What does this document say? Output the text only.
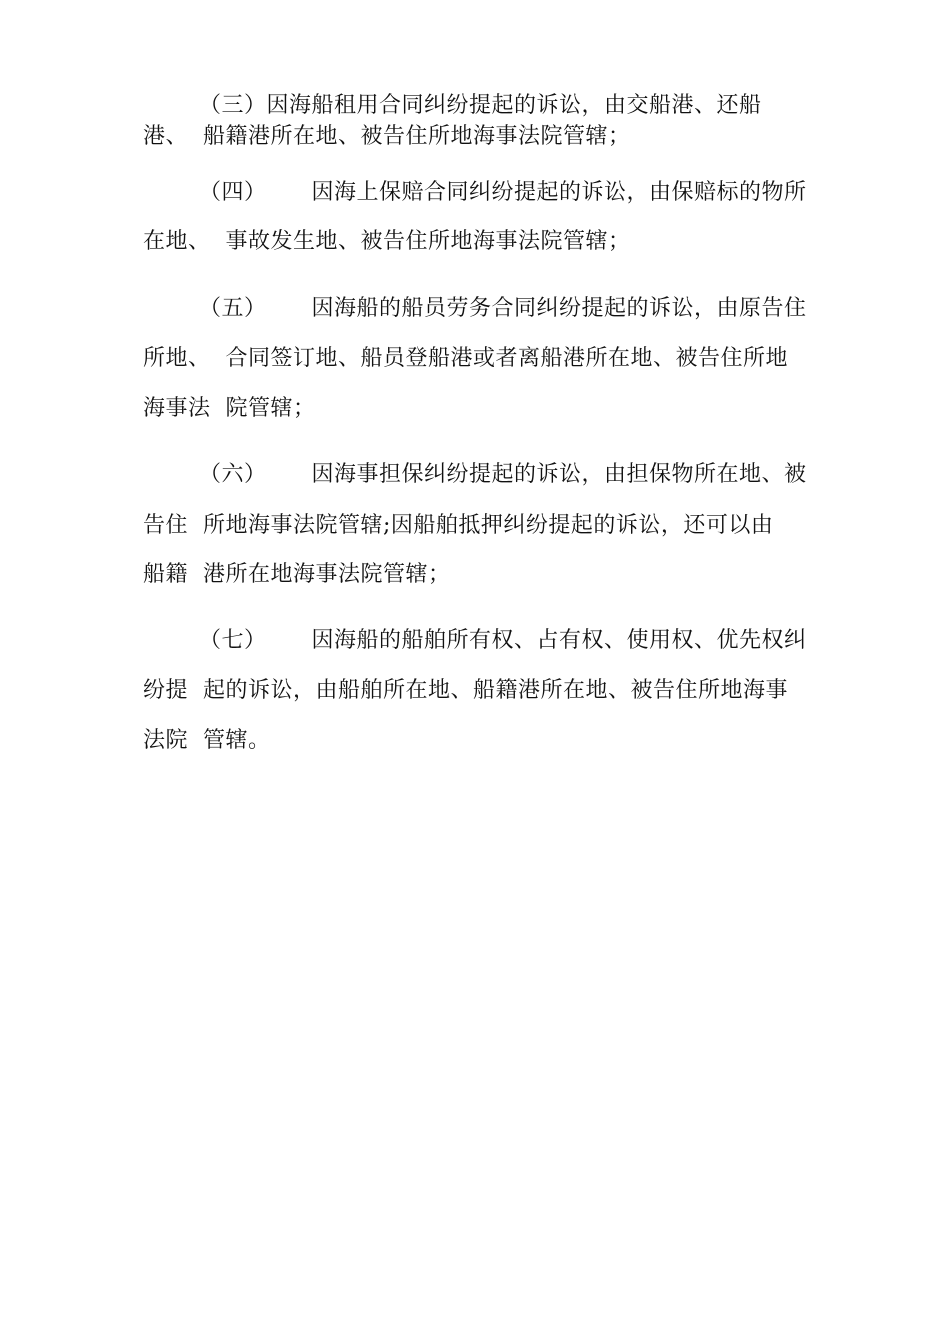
（三）因海船租用合同纠纷提起的诉讼，由交船港、还船
港、  船籍港所在地、被告住所地海事法院管辖；
（四）      因海上保赔合同纠纷提起的诉讼，由保赔标的物所
在地、  事故发生地、被告住所地海事法院管辖；
（五）      因海船的船员劳务合同纠纷提起的诉讼，由原告住
所地、  合同签订地、船员登船港或者离船港所在地、被告住所地
海事法  院管辖；
（六）      因海事担保纠纷提起的诉讼，由担保物所在地、被
告住  所地海事法院管辖;因船舶抵押纠纷提起的诉讼，还可以由
船籍  港所在地海事法院管辖；
（七）      因海船的船舶所有权、占有权、使用权、优先权纠
纷提  起的诉讼，由船舶所在地、船籍港所在地、被告住所地海事
法院  管辖。
